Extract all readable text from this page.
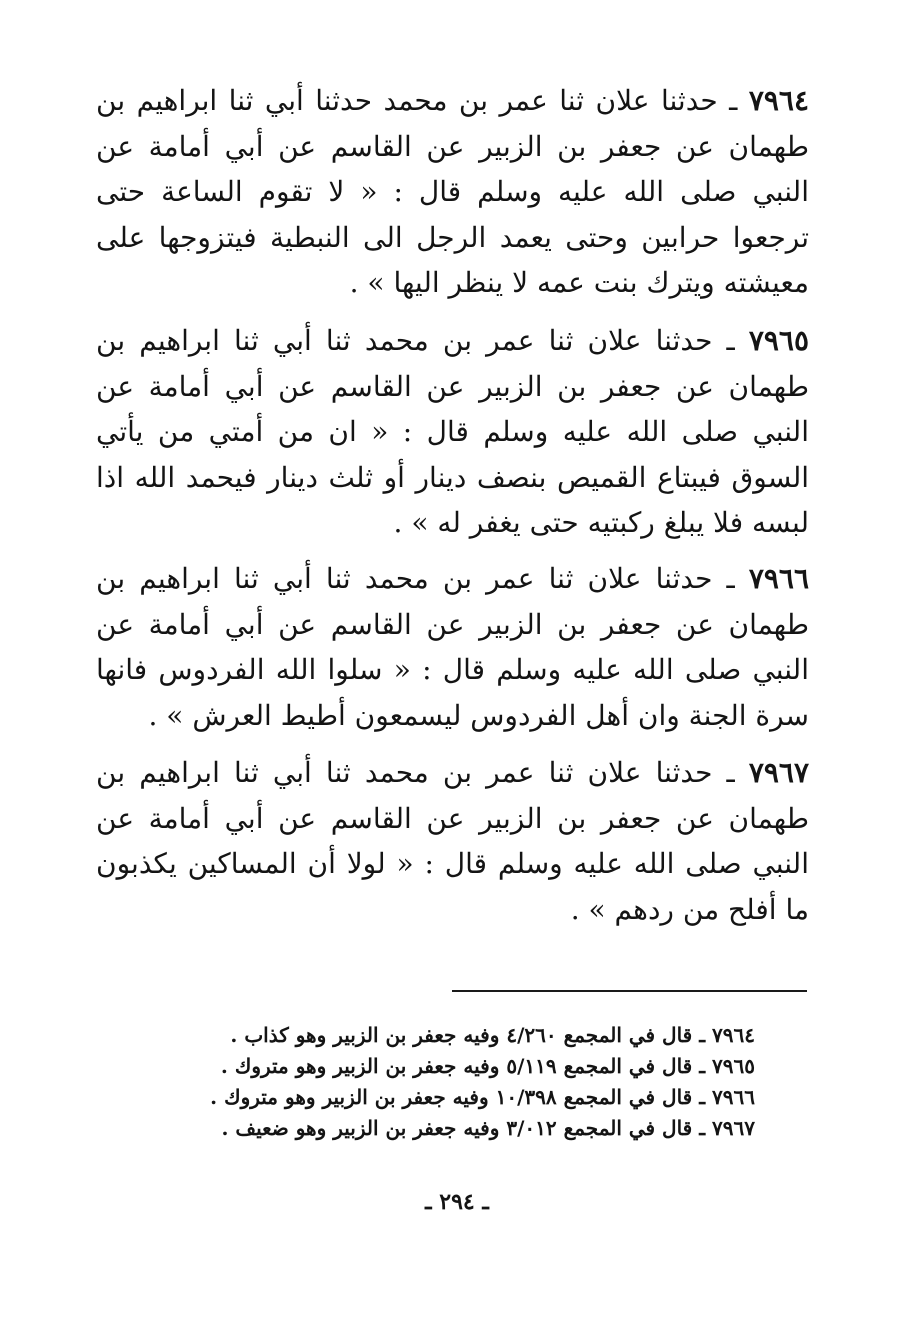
٧٩٦٤ ـ حدثنا علان ثنا عمر بن محمد حدثنا أبي ثنا ابراهيم بن طهمان عن جعفر بن الزبير عن القاسم عن أبي أمامة عن النبي صلى الله عليه وسلم قال : « لا تقوم الساعة حتى ترجعوا حرابين وحتى يعمد الرجل الى النبطية فيتزوجها على معيشته ويترك بنت عمه لا ينظر اليها » .

٧٩٦٥ ـ حدثنا علان ثنا عمر بن محمد ثنا أبي ثنا ابراهيم بن طهمان عن جعفر بن الزبير عن القاسم عن أبي أمامة عن النبي صلى الله عليه وسلم قال : « ان من أمتي من يأتي السوق فيبتاع القميص بنصف دينار أو ثلث دينار فيحمد الله اذا لبسه فلا يبلغ ركبتيه حتى يغفر له » .

٧٩٦٦ ـ حدثنا علان ثنا عمر بن محمد ثنا أبي ثنا ابراهيم بن طهمان عن جعفر بن الزبير عن القاسم عن أبي أمامة عن النبي صلى الله عليه وسلم قال : « سلوا الله الفردوس فانها سرة الجنة وان أهل الفردوس ليسمعون أطيط العرش » .

٧٩٦٧ ـ حدثنا علان ثنا عمر بن محمد ثنا أبي ثنا ابراهيم بن طهمان عن جعفر بن الزبير عن القاسم عن أبي أمامة عن النبي صلى الله عليه وسلم قال : « لولا أن المساكين يكذبون ما أفلح من ردهم » .

٧٩٦٤ ـ قال في المجمع ٤/٢٦٠ وفيه جعفر بن الزبير وهو كذاب .
٧٩٦٥ ـ قال في المجمع ٥/١١٩ وفيه جعفر بن الزبير وهو متروك .
٧٩٦٦ ـ قال في المجمع ١٠/٣٩٨ وفيه جعفر بن الزبير وهو متروك .
٧٩٦٧ ـ قال في المجمع ٣/٠١٢ وفيه جعفر بن الزبير وهو ضعيف .
ـ ٢٩٤ ـ
